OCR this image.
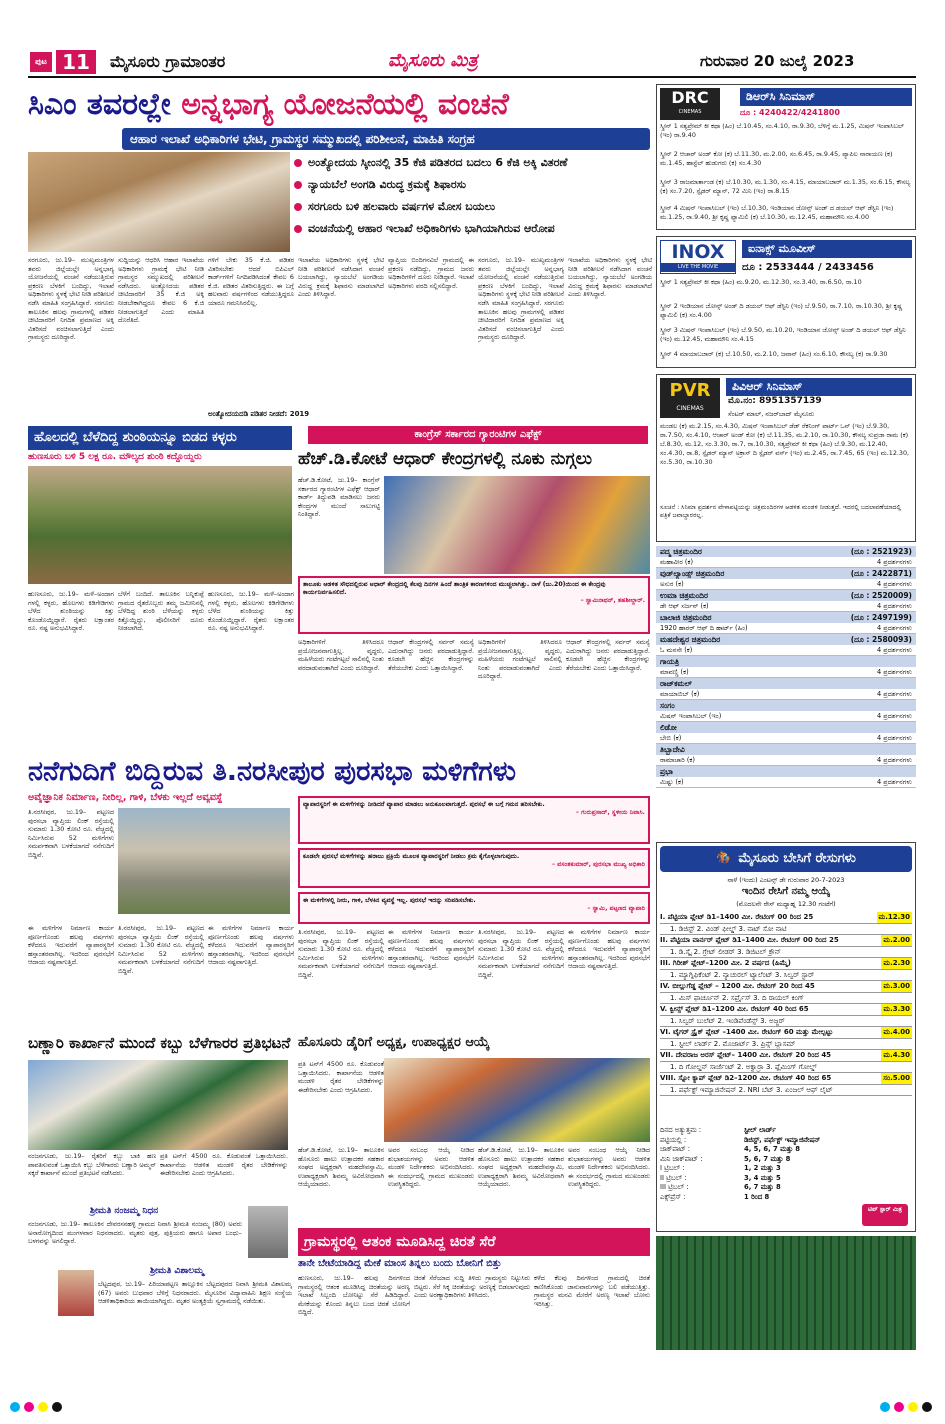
ಪುಟ 11	ಮೈಸೂರು ಗ್ರಾಮಾಂತರ	ಮೈಸೂರು ಮಿತ್ರ	ಗುರುವಾರ 20 ಜುಲೈ 2023
ಸಿಎಂ ತವರಲ್ಲೇ ಅನ್ನಭಾಗ್ಯ ಯೋಜನೆಯಲ್ಲಿ ವಂಚನೆ
ಆಹಾರ ಇಲಾಖೆ ಅಧಿಕಾರಿಗಳ ಭೇಟಿ, ಗ್ರಾಮಸ್ಥರ ಸಮ್ಮುಖದಲ್ಲಿ ಪರಿಶೀಲನೆ, ಮಾಹಿತಿ ಸಂಗ್ರಹ
ಅಂತ್ಯೋದಯ ಸ್ಕೀಂನಲ್ಲಿ 35 ಕೆಜಿ ಪಡಿತರದ ಬದಲು 6 ಕೆಜಿ ಅಕ್ಕಿ ವಿತರಣೆ
ನ್ಯಾಯಬೆಲೆ ಅಂಗಡಿ ವಿರುದ್ಧ ಕ್ರಮಕ್ಕೆ ಶಿಫಾರಸು
ಸರಗೂರು ಬಳಿ ಹಲವಾರು ವರ್ಷಗಳ ಮೋಸ ಬಯಲು
ವಂಚನೆಯಲ್ಲಿ ಆಹಾರ ಇಲಾಖೆ ಅಧಿಕಾರಿಗಳು ಭಾಗಿಯಾಗಿರುವ ಆರೋಪ
ಸರಗೂರು, ಜು.19– ಮುಖ್ಯಮಂತ್ರಿಗಳ ತವರು ಜಿಲ್ಲೆಯಲ್ಲೇ ಅನ್ನಭಾಗ್ಯ ಯೋಜನೆಯಲ್ಲಿ ವಂಚನೆ ನಡೆಯುತ್ತಿರುವ ಪ್ರಕರಣ ಬೆಳಕಿಗೆ ಬಂದಿದ್ದು, ಇಲಾಖೆ ಅಧಿಕಾರಿಗಳು ಸ್ಥಳಕ್ಕೆ ಭೇಟಿ ನೀಡಿ ಪರಿಶೀಲನೆ ನಡೆಸಿ ಮಾಹಿತಿ ಸಂಗ್ರಹಿಸಿದ್ದಾರೆ. ಸರಗೂರು ತಾಲೂಕಿನ ಹಲವು ಗ್ರಾಮಗಳಲ್ಲಿ ಪಡಿತರ ಚೀಟಿದಾರರಿಗೆ ನಿಗದಿತ ಪ್ರಮಾಣದ ಅಕ್ಕಿ ವಿತರಿಸದೆ ವಂಚಿಸಲಾಗುತ್ತಿದೆ ಎಂದು ಗ್ರಾಮಸ್ಥರು ದೂರಿದ್ದಾರೆ.
ಸುದ್ದಿಯನ್ನು ಆಧರಿಸಿ ಆಹಾರ ಇಲಾಖೆಯ ಅಧಿಕಾರಿಗಳು ಗ್ರಾಮಕ್ಕೆ ಭೇಟಿ ನೀಡಿ ಗ್ರಾಮಸ್ಥರ ಸಮ್ಮುಖದಲ್ಲಿ ಪರಿಶೀಲನೆ ನಡೆಸಿದರು. ಅಂತ್ಯೋದಯ ಪಡಿತರ ಚೀಟಿದಾರರಿಗೆ 35 ಕೆ.ಜಿ ಅಕ್ಕಿ ನೀಡಬೇಕಾಗಿದ್ದರೂ ಕೇವಲ 6 ಕೆ.ಜಿ ನೀಡಲಾಗುತ್ತಿದೆ ಎಂದು ಮಾಹಿತಿ ದೊರೆತಿದೆ.
ಗಳಿಗೆ ಬೇಕು 35 ಕೆ.ಜಿ. ಪಡಿತರ ವಿತರಿಸಬೇಕು ಆದರೆ ಬಿಪಿಎಲ್ ಕಾರ್ಡ್‌ಗಳಿಗೆ ನಿಗದಿಪಡಿಸಿದಂತೆ ಕೇವಲ 6 ಕೆ.ಜಿ. ಪಡಿತರ ವಿತರಿಸುತ್ತಿದ್ದರು. ಈ ಬಗ್ಗೆ ಹಲವಾರು ವರ್ಷಗಳಿಂದ ನಡೆಯುತ್ತಿದ್ದರೂ ಯಾರೂ ಗಮನಿಸಿರಲಿಲ್ಲ.
ಇಲಾಖೆಯ ಅಧಿಕಾರಿಗಳು ಸ್ಥಳಕ್ಕೆ ಭೇಟಿ ನೀಡಿ ಪರಿಶೀಲನೆ ನಡೆಸಿದಾಗ ವಂಚನೆ ಬಯಲಾಗಿದ್ದು, ನ್ಯಾಯಬೆಲೆ ಅಂಗಡಿಯ ವಿರುದ್ಧ ಕ್ರಮಕ್ಕೆ ಶಿಫಾರಸು ಮಾಡಲಾಗಿದೆ ಎಂದು ತಿಳಿಸಿದ್ದಾರೆ.
ವ್ಯಾಪ್ತಿಯ ಬಿಂದಿಗನವಿಲೆ ಗ್ರಾಮದಲ್ಲಿ ಈ ಪ್ರಕರಣ ನಡೆದಿದ್ದು, ಗ್ರಾಮದ ಜನರು ಅಧಿಕಾರಿಗಳಿಗೆ ದೂರು ನೀಡಿದ್ದಾರೆ. ಇಲಾಖೆ ಅಧಿಕಾರಿಗಳು ವರದಿ ಸಲ್ಲಿಸಲಿದ್ದಾರೆ.
ಸರಗೂರು, ಜು.19– ಮುಖ್ಯಮಂತ್ರಿಗಳ ತವರು ಜಿಲ್ಲೆಯಲ್ಲೇ ಅನ್ನಭಾಗ್ಯ ಯೋಜನೆಯಲ್ಲಿ ವಂಚನೆ ನಡೆಯುತ್ತಿರುವ ಪ್ರಕರಣ ಬೆಳಕಿಗೆ ಬಂದಿದ್ದು, ಇಲಾಖೆ ಅಧಿಕಾರಿಗಳು ಸ್ಥಳಕ್ಕೆ ಭೇಟಿ ನೀಡಿ ಪರಿಶೀಲನೆ ನಡೆಸಿ ಮಾಹಿತಿ ಸಂಗ್ರಹಿಸಿದ್ದಾರೆ. ಸರಗೂರು ತಾಲೂಕಿನ ಹಲವು ಗ್ರಾಮಗಳಲ್ಲಿ ಪಡಿತರ ಚೀಟಿದಾರರಿಗೆ ನಿಗದಿತ ಪ್ರಮಾಣದ ಅಕ್ಕಿ ವಿತರಿಸದೆ ವಂಚಿಸಲಾಗುತ್ತಿದೆ ಎಂದು ಗ್ರಾಮಸ್ಥರು ದೂರಿದ್ದಾರೆ.
ಇಲಾಖೆಯ ಅಧಿಕಾರಿಗಳು ಸ್ಥಳಕ್ಕೆ ಭೇಟಿ ನೀಡಿ ಪರಿಶೀಲನೆ ನಡೆಸಿದಾಗ ವಂಚನೆ ಬಯಲಾಗಿದ್ದು, ನ್ಯಾಯಬೆಲೆ ಅಂಗಡಿಯ ವಿರುದ್ಧ ಕ್ರಮಕ್ಕೆ ಶಿಫಾರಸು ಮಾಡಲಾಗಿದೆ ಎಂದು ತಿಳಿಸಿದ್ದಾರೆ.
ಅಂತ್ಯೋದಯದಡಿ ಪಡಿತರ ನೀಡದೆ: 2019
ಹೊಲದಲ್ಲಿ ಬೆಳೆದಿದ್ದ ಶುಂಠಿಯನ್ನೂ ಬಿಡದ ಕಳ್ಳರು
ಹುಣಸೂರು ಬಳಿ 5 ಲಕ್ಷ ರೂ. ಮೌಲ್ಯದ ಶುಂಠಿ ಕದ್ದೊಯ್ದರು
ಹುಣಸೂರು, ಜು.19– ಮಳೆ–ಅಂದಾಗ ಗಳಲ್ಲಿ ಕಳ್ಳರು, ಹೊಲಗಳು ಕಿಡಿಗೇಡಿಗಳು ಬೆಳೆದ ಶುಂಠಿಯನ್ನು ಕಿತ್ತು ಕೊಂಡೊಯ್ದಿದ್ದಾರೆ. ರೈತರು ಲಕ್ಷಾಂತರ ರೂ. ನಷ್ಟ ಅನುಭವಿಸಿದ್ದಾರೆ.
ಬೆಳೆಗೆ ಬಂದಿದೆ. ತಾಲೂಕಿನ ಬನ್ನಿಕುಪ್ಪೆ ಗ್ರಾಮದ ರೈತರೊಬ್ಬರು ತಮ್ಮ ಜಮೀನಿನಲ್ಲಿ ಬೆಳೆದಿದ್ದ ಶುಂಠಿ ಬೆಳೆಯನ್ನು ಕಳ್ಳರು ಕಿತ್ತೊಯ್ದಿದ್ದು, ಪೊಲೀಸರಿಗೆ ದೂರು ನೀಡಲಾಗಿದೆ.
ಹುಣಸೂರು, ಜು.19– ಮಳೆ–ಅಂದಾಗ ಗಳಲ್ಲಿ ಕಳ್ಳರು, ಹೊಲಗಳು ಕಿಡಿಗೇಡಿಗಳು ಬೆಳೆದ ಶುಂಠಿಯನ್ನು ಕಿತ್ತು ಕೊಂಡೊಯ್ದಿದ್ದಾರೆ. ರೈತರು ಲಕ್ಷಾಂತರ ರೂ. ನಷ್ಟ ಅನುಭವಿಸಿದ್ದಾರೆ.
ಕಾಂಗ್ರೆಸ್ ಸರ್ಕಾರದ ಗ್ಯಾರಂಟಿಗಳ ಎಫೆಕ್ಟ್
ಹೆಚ್.ಡಿ.ಕೋಟೆ ಆಧಾರ್ ಕೇಂದ್ರಗಳಲ್ಲಿ ನೂಕು ನುಗ್ಗಲು
ಹೆಚ್.ಡಿ.ಕೋಟೆ, ಜು.19– ಕಾಂಗ್ರೆಸ್ ಸರ್ಕಾರದ ಗ್ಯಾರಂಟಿಗಳ ಎಫೆಕ್ಟ್ ಆಧಾರ್ ಕಾರ್ಡ್ ತಿದ್ದುಪಡಿ ಮಾಡಿಸಲು ಜನರು ಕೇಂದ್ರಗಳ ಮುಂದೆ ಸಾಲುಗಟ್ಟಿ ನಿಂತಿದ್ದಾರೆ.
ತಾಲೂಕು ಆಡಳಿತ ಸೌಧದಲ್ಲಿರುವ ಆಧಾರ್ ಕೇಂದ್ರದಲ್ಲಿ ಕೆಲವು ದಿನಗಳ ಹಿಂದೆ ತಾಂತ್ರಿಕ ಕಾರಣಗಳಿಂದ ಮುಚ್ಚಲಾಗಿತ್ತು. ನಾಳೆ (ಜು.20)ಯಿಂದ ಈ ಕೇಂದ್ರವು ಕಾರ್ಯನಿರ್ವಹಿಸಲಿದೆ.
– ಸ್ವಾಮಿನಾಥನ್, ತಹಶೀಲ್ದಾರ್.
ಅಧಿಕಾರಿಗಳಿಗೆ ತಿಳಿಸಿದರೂ ಪ್ರಯೋಜನವಾಗುತ್ತಿಲ್ಲ. ವೃದ್ಧರು, ಮಹಿಳೆಯರು ಗಂಟೆಗಟ್ಟಲೆ ಸಾಲಿನಲ್ಲಿ ನಿಂತು ಪರದಾಡುವಂತಾಗಿದೆ ಎಂದು ದೂರಿದ್ದಾರೆ.
ಆಧಾರ್ ಕೇಂದ್ರಗಳಲ್ಲಿ ಸರ್ವರ್ ಸಮಸ್ಯೆ ಎದುರಾಗಿದ್ದು ಜನರು ಪರದಾಡುತ್ತಿದ್ದಾರೆ. ಕೂಡಲೇ ಹೆಚ್ಚಿನ ಕೇಂದ್ರಗಳನ್ನು ತೆರೆಯಬೇಕು ಎಂದು ಒತ್ತಾಯಿಸಿದ್ದಾರೆ.
ಅಧಿಕಾರಿಗಳಿಗೆ ತಿಳಿಸಿದರೂ ಪ್ರಯೋಜನವಾಗುತ್ತಿಲ್ಲ. ವೃದ್ಧರು, ಮಹಿಳೆಯರು ಗಂಟೆಗಟ್ಟಲೆ ಸಾಲಿನಲ್ಲಿ ನಿಂತು ಪರದಾಡುವಂತಾಗಿದೆ ಎಂದು ದೂರಿದ್ದಾರೆ.
ಆಧಾರ್ ಕೇಂದ್ರಗಳಲ್ಲಿ ಸರ್ವರ್ ಸಮಸ್ಯೆ ಎದುರಾಗಿದ್ದು ಜನರು ಪರದಾಡುತ್ತಿದ್ದಾರೆ. ಕೂಡಲೇ ಹೆಚ್ಚಿನ ಕೇಂದ್ರಗಳನ್ನು ತೆರೆಯಬೇಕು ಎಂದು ಒತ್ತಾಯಿಸಿದ್ದಾರೆ.
ನನೆಗುದಿಗೆ ಬಿದ್ದಿರುವ ತಿ.ನರಸೀಪುರ ಪುರಸಭಾ ಮಳಿಗೆಗಳು
ಅವೈಜ್ಞಾನಿಕ ನಿರ್ಮಾಣ, ನೀರಿಲ್ಲ, ಗಾಳಿ, ಬೆಳಕು ಇಲ್ಲದೆ ಅವ್ಯವಸ್ಥೆ
ತಿ.ನರಸೀಪುರ, ಜು.19– ಪಟ್ಟಣದ ಪುರಸಭಾ ವ್ಯಾಪ್ತಿಯ ಲಿಂಕ್ ರಸ್ತೆಯಲ್ಲಿ ಸುಮಾರು 1.30 ಕೋಟಿ ರೂ. ವೆಚ್ಚದಲ್ಲಿ ನಿರ್ಮಿಸಿರುವ 52 ಮಳಿಗೆಗಳು ಸಮರ್ಪಕವಾಗಿ ಬಳಕೆಯಾಗದೆ ನನೆಗುದಿಗೆ ಬಿದ್ದಿವೆ.
ವ್ಯಾಪಾರಸ್ಥರಿಗೆ ಈ ಮಳಿಗೆಗಳನ್ನು ನೀಡಿದರೆ ವ್ಯಾಪಾರ ಮಾಡಲು ಅನುಕೂಲವಾಗುತ್ತದೆ. ಪುರಸಭೆ ಈ ಬಗ್ಗೆ ಗಮನ ಹರಿಸಬೇಕು.
– ಗುರುಪ್ರಸಾದ್, ಸ್ಥಳೀಯ ನಿವಾಸಿ.
ಕೂಡಲೇ ಪುರಸಭೆ ಮಳಿಗೆಗಳನ್ನು ಹರಾಜು ಪ್ರಕ್ರಿಯೆ ಮೂಲಕ ವ್ಯಾಪಾರಸ್ಥರಿಗೆ ನೀಡಲು ಕ್ರಮ ಕೈಗೊಳ್ಳಲಾಗುವುದು.
– ವಸಂತಕುಮಾರ್, ಪುರಸಭಾ ಮುಖ್ಯ ಅಧಿಕಾರಿ
ಈ ಮಳಿಗೆಗಳಲ್ಲಿ ನೀರು, ಗಾಳಿ, ಬೆಳಕಿನ ವ್ಯವಸ್ಥೆ ಇಲ್ಲ. ಪುರಸಭೆ ಇದನ್ನು ಸರಿಪಡಿಸಬೇಕು.
– ಸ್ವಾಮಿ, ಪಟ್ಟಣದ ವ್ಯಾಪಾರಿ
ಈ ಮಳಿಗೆಗಳ ನಿರ್ಮಾಣ ಕಾರ್ಯ ಪೂರ್ಣಗೊಂಡು ಹಲವು ವರ್ಷಗಳು ಕಳೆದರೂ ಇದುವರೆಗೆ ವ್ಯಾಪಾರಸ್ಥರಿಗೆ ಹಸ್ತಾಂತರವಾಗಿಲ್ಲ. ಇದರಿಂದ ಪುರಸಭೆಗೆ ಆದಾಯ ನಷ್ಟವಾಗುತ್ತಿದೆ.
ತಿ.ನರಸೀಪುರ, ಜು.19– ಪಟ್ಟಣದ ಪುರಸಭಾ ವ್ಯಾಪ್ತಿಯ ಲಿಂಕ್ ರಸ್ತೆಯಲ್ಲಿ ಸುಮಾರು 1.30 ಕೋಟಿ ರೂ. ವೆಚ್ಚದಲ್ಲಿ ನಿರ್ಮಿಸಿರುವ 52 ಮಳಿಗೆಗಳು ಸಮರ್ಪಕವಾಗಿ ಬಳಕೆಯಾಗದೆ ನನೆಗುದಿಗೆ ಬಿದ್ದಿವೆ.
ಈ ಮಳಿಗೆಗಳ ನಿರ್ಮಾಣ ಕಾರ್ಯ ಪೂರ್ಣಗೊಂಡು ಹಲವು ವರ್ಷಗಳು ಕಳೆದರೂ ಇದುವರೆಗೆ ವ್ಯಾಪಾರಸ್ಥರಿಗೆ ಹಸ್ತಾಂತರವಾಗಿಲ್ಲ. ಇದರಿಂದ ಪುರಸಭೆಗೆ ಆದಾಯ ನಷ್ಟವಾಗುತ್ತಿದೆ.
ತಿ.ನರಸೀಪುರ, ಜು.19– ಪಟ್ಟಣದ ಪುರಸಭಾ ವ್ಯಾಪ್ತಿಯ ಲಿಂಕ್ ರಸ್ತೆಯಲ್ಲಿ ಸುಮಾರು 1.30 ಕೋಟಿ ರೂ. ವೆಚ್ಚದಲ್ಲಿ ನಿರ್ಮಿಸಿರುವ 52 ಮಳಿಗೆಗಳು ಸಮರ್ಪಕವಾಗಿ ಬಳಕೆಯಾಗದೆ ನನೆಗುದಿಗೆ ಬಿದ್ದಿವೆ.
ಈ ಮಳಿಗೆಗಳ ನಿರ್ಮಾಣ ಕಾರ್ಯ ಪೂರ್ಣಗೊಂಡು ಹಲವು ವರ್ಷಗಳು ಕಳೆದರೂ ಇದುವರೆಗೆ ವ್ಯಾಪಾರಸ್ಥರಿಗೆ ಹಸ್ತಾಂತರವಾಗಿಲ್ಲ. ಇದರಿಂದ ಪುರಸಭೆಗೆ ಆದಾಯ ನಷ್ಟವಾಗುತ್ತಿದೆ.
ತಿ.ನರಸೀಪುರ, ಜು.19– ಪಟ್ಟಣದ ಪುರಸಭಾ ವ್ಯಾಪ್ತಿಯ ಲಿಂಕ್ ರಸ್ತೆಯಲ್ಲಿ ಸುಮಾರು 1.30 ಕೋಟಿ ರೂ. ವೆಚ್ಚದಲ್ಲಿ ನಿರ್ಮಿಸಿರುವ 52 ಮಳಿಗೆಗಳು ಸಮರ್ಪಕವಾಗಿ ಬಳಕೆಯಾಗದೆ ನನೆಗುದಿಗೆ ಬಿದ್ದಿವೆ.
ಈ ಮಳಿಗೆಗಳ ನಿರ್ಮಾಣ ಕಾರ್ಯ ಪೂರ್ಣಗೊಂಡು ಹಲವು ವರ್ಷಗಳು ಕಳೆದರೂ ಇದುವರೆಗೆ ವ್ಯಾಪಾರಸ್ಥರಿಗೆ ಹಸ್ತಾಂತರವಾಗಿಲ್ಲ. ಇದರಿಂದ ಪುರಸಭೆಗೆ ಆದಾಯ ನಷ್ಟವಾಗುತ್ತಿದೆ.
ಬಣ್ಣಾರಿ ಕಾರ್ಖಾನೆ ಮುಂದೆ ಕಬ್ಬು ಬೆಳೆಗಾರರ ಪ್ರತಿಭಟನೆ
ನಂಜನಗೂಡು, ಜು.19– ರೈತರಿಗೆ ಕಬ್ಬು ಬಾಕಿ ಹಣ ಪಾವತಿಸುವಂತೆ ಒತ್ತಾಯಿಸಿ ಕಬ್ಬು ಬೆಳೆಗಾರರು ಬಣ್ಣಾರಿ ಅಮ್ಮನ್ ಸಕ್ಕರೆ ಕಾರ್ಖಾನೆ ಮುಂದೆ ಪ್ರತಿಭಟನೆ ನಡೆಸಿದರು.
ಪ್ರತಿ ಟನ್‌ಗೆ 4500 ರೂ. ಕೊಡುವಂತೆ ಒತ್ತಾಯಿಸಿದರು. ಕಾರ್ಖಾನೆಯ ಆಡಳಿತ ಮಂಡಳಿ ರೈತರ ಬೇಡಿಕೆಗಳನ್ನು ಈಡೇರಿಸಬೇಕು ಎಂದು ಆಗ್ರಹಿಸಿದರು.
ಪ್ರತಿ ಟನ್‌ಗೆ 4500 ರೂ. ಕೊಡುವಂತೆ ಒತ್ತಾಯಿಸಿದರು. ಕಾರ್ಖಾನೆಯ ಆಡಳಿತ ಮಂಡಳಿ ರೈತರ ಬೇಡಿಕೆಗಳನ್ನು ಈಡೇರಿಸಬೇಕು ಎಂದು ಆಗ್ರಹಿಸಿದರು.
ಶ್ರೀಮತಿ ನಂಜಮ್ಮ ನಿಧನ
ನಂಜನಗೂಡು, ಜು.19– ತಾಲೂಕಿನ ದೇವರಸನಹಳ್ಳಿ ಗ್ರಾಮದ ನಿವಾಸಿ ಶ್ರೀಮತಿ ನಂಜಮ್ಮ (80) ಅವರು ಅನಾರೋಗ್ಯದಿಂದ ಮಂಗಳವಾರ ನಿಧನರಾದರು. ಮೃತರು ಪುತ್ರ, ಪುತ್ರಿಯರು ಹಾಗೂ ಅಪಾರ ಬಂಧು–ಬಳಗವನ್ನು ಅಗಲಿದ್ದಾರೆ.
ಶ್ರೀಮತಿ ವಿಶಾಲಮ್ಮ
ಬೆಟ್ಟದಪುರ, ಜು.19– ಪಿರಿಯಾಪಟ್ಟಣ ತಾಲ್ಲೂಕಿನ ಬೆಟ್ಟದಪುರದ ನಿವಾಸಿ ಶ್ರೀಮತಿ ವಿಶಾಲಮ್ಮ (67) ಅವರು ಬುಧವಾರ ಬೆಳಿಗ್ಗೆ ನಿಧನರಾದರು. ಮೈಸೂರಿನ ವಿದ್ಯಾವಾಹಿನಿ ಶಿಕ್ಷಣ ಸಂಸ್ಥೆಯ ಆಡಳಿತಾಧಿಕಾರಿಯ ತಾಯಿಯಾಗಿದ್ದರು. ಮೃತರ ಅಂತ್ಯಕ್ರಿಯೆ ಸ್ವಗ್ರಾಮದಲ್ಲಿ ನಡೆಯಿತು.
ಹೊಸೂರು ಡೈರಿಗೆ ಅಧ್ಯಕ್ಷ, ಉಪಾಧ್ಯಕ್ಷರ ಆಯ್ಕೆ
ಹೆಚ್.ಡಿ.ಕೋಟೆ, ಜು.19– ತಾಲೂಕಿನ ಹೊಸೂರು ಹಾಲು ಉತ್ಪಾದಕರ ಸಹಕಾರ ಸಂಘದ ಅಧ್ಯಕ್ಷರಾಗಿ ಮಹದೇವಸ್ವಾಮಿ, ಉಪಾಧ್ಯಕ್ಷರಾಗಿ ಶಿವಮ್ಮ ಅವಿರೋಧವಾಗಿ ಆಯ್ಕೆಯಾದರು.
ಅವರ ಸಂಬಂಧ ಆಯ್ಕೆ ನೀಡಿದ ಶುಭಾಶಯಗಳನ್ನು ಅವರು ಆಡಳಿತ ಮಂಡಳಿ ನಿರ್ದೇಶಕರು ಅಭಿನಂದಿಸಿದರು. ಈ ಸಂದರ್ಭದಲ್ಲಿ ಗ್ರಾಮದ ಮುಖಂಡರು ಉಪಸ್ಥಿತರಿದ್ದರು.
ಹೆಚ್.ಡಿ.ಕೋಟೆ, ಜು.19– ತಾಲೂಕಿನ ಹೊಸೂರು ಹಾಲು ಉತ್ಪಾದಕರ ಸಹಕಾರ ಸಂಘದ ಅಧ್ಯಕ್ಷರಾಗಿ ಮಹದೇವಸ್ವಾಮಿ, ಉಪಾಧ್ಯಕ್ಷರಾಗಿ ಶಿವಮ್ಮ ಅವಿರೋಧವಾಗಿ ಆಯ್ಕೆಯಾದರು.
ಅವರ ಸಂಬಂಧ ಆಯ್ಕೆ ನೀಡಿದ ಶುಭಾಶಯಗಳನ್ನು ಅವರು ಆಡಳಿತ ಮಂಡಳಿ ನಿರ್ದೇಶಕರು ಅಭಿನಂದಿಸಿದರು. ಈ ಸಂದರ್ಭದಲ್ಲಿ ಗ್ರಾಮದ ಮುಖಂಡರು ಉಪಸ್ಥಿತರಿದ್ದರು.
ಗ್ರಾಮಸ್ಥರಲ್ಲಿ ಆತಂಕ ಮೂಡಿಸಿದ್ದ ಚಿರತೆ ಸೆರೆ
ತಾನೇ ಬೇಟೆಯಾಡಿದ್ದ ಮೇಕೆ ಮಾಂಸ ತಿನ್ನಲು ಬಂದು ಬೋನಿಗೆ ಬಿತ್ತು
ಹುಣಸೂರು, ಜು.19– ಹಲವು ದಿನಗಳಿಂದ ಗ್ರಾಮಸ್ಥರಲ್ಲಿ ಆತಂಕ ಮೂಡಿಸಿದ್ದ ಚಿರತೆಯನ್ನು ಅರಣ್ಯ ಇಲಾಖೆ ಸಿಬ್ಬಂದಿ ಬೋನಿಟ್ಟು ಸೆರೆ ಹಿಡಿದಿದ್ದಾರೆ. ಮೇಕೆಯನ್ನು ಕೊಂದು ತಿನ್ನಲು ಬಂದ ಚಿರತೆ ಬೋನಿಗೆ ಬಿದ್ದಿದೆ.
ಚಿರತೆ ಸೆರೆಯಾದ ಸುದ್ದಿ ತಿಳಿದು ಗ್ರಾಮಸ್ಥರು ನಿಟ್ಟುಸಿರು ಬಿಟ್ಟರು. ಸೆರೆ ಸಿಕ್ಕ ಚಿರತೆಯನ್ನು ಅರಣ್ಯಕ್ಕೆ ಬಿಡಲಾಗುವುದು ಎಂದು ಅರಣ್ಯಾಧಿಕಾರಿಗಳು ತಿಳಿಸಿದರು.
ಕಳೆದ ಕೆಲವು ದಿನಗಳಿಂದ ಗ್ರಾಮದಲ್ಲಿ ಚಿರತೆ ಕಾಣಿಸಿಕೊಂಡು ಜಾನುವಾರುಗಳನ್ನು ಬಲಿ ಪಡೆಯುತ್ತಿತ್ತು. ಗ್ರಾಮಸ್ಥರ ಮನವಿ ಮೇರೆಗೆ ಅರಣ್ಯ ಇಲಾಖೆ ಬೋನು ಇರಿಸಿತ್ತು.
DRC
CINEMAS
ಡಿಆರ್‌ಸಿ ಸಿನಿಮಾಸ್
ದೂ : 4240422/4241800
ಸ್ಕ್ರೀನ್ 1 ಸತ್ಯಪ್ರೇಮ್ ಕೀ ಕಥಾ (ಹಿಂ) ಬೆ.10.45, ಸಂ.4.10, ರಾ.9.30, ಬೆಳಿಗ್ಗೆ ಮ.1.25, ಮಿಷನ್ ಇಂಪಾಸಿಬಲ್ (ಇಂ) ರಾ.9.40
ಸ್ಕ್ರೀನ್ 2 ಆಚಾರ್ ಅಂಡ್ ಕೋ (ಕ) ಬೆ.11.30, ಮ.2.00, ಸಂ.6.45, ರಾ.9.45, ಪ್ಯಾಪಿಲ ನಾರಾಯಣ (ಕ) ಮ.1.45, ಹಾಸ್ಟೆಲ್ ಹುಡುಗರು (ಕ) ಸಂ.4.30
ಸ್ಕ್ರೀನ್ 3 ರಾಜಮಾರ್ತಾಂಡ (ಕ) ಬೆ.10.30, ಮ.1.30, ಸಂ.4.15, ಮಾಯಾಬಜಾರ್ ಮ.1.35, ಸಂ.6.15, ಕೌಸಲ್ಯ (ಕ) ಸಂ.7.20, ಸ್ಪೈಡರ್ ಮ್ಯಾನ್, 72 ಮಿನಿ (ಇಂ) ರಾ.8.15
ಸ್ಕ್ರೀನ್ 4 ಮಿಷನ್ ಇಂಪಾಸಿಬಲ್ (ಇಂ) ಬೆ.10.30, ಇಂಡಿಯಾನ ಜೋನ್ಸ್ ಅಂಡ್ ದ ಡಯಲ್ ಆಫ್ ಡೆಸ್ಟಿನಿ (ಇಂ) ಮ.1.25, ರಾ.9.40, ಶ್ರೀ ಕೃಷ್ಣ ಫ್ಯಾಮಿಲಿ (ಕ) ಬೆ.10.30, ಮ.12.45, ಮಹಾಮೌನಿ ಸಂ.4.00
INOX
LIVE THE MOVIE
ಐನಾಕ್ಸ್ ಮೂವೀಸ್
ದೂ : 2533444 / 2433456
ಸ್ಕ್ರೀನ್ 1 ಸತ್ಯಪ್ರೇಮ್ ಕೀ ಕಥಾ (ಹಿಂ) ಮ.9.20, ಮ.12.30, ಸಂ.3.40, ರಾ.6.50, ರಾ.10
ಸ್ಕ್ರೀನ್ 2 ಇಂಡಿಯಾನ ಜೋನ್ಸ್ ಅಂಡ್ ದಿ ಡಯಲ್ ಆಫ್ ಡೆಸ್ಟಿನಿ (ಇಂ) ಬೆ.9.50, ರಾ.7.10, ರಾ.10.30, ಶ್ರೀ ಕೃಷ್ಣ ಫ್ಯಾಮಿಲಿ (ಕ) ಸಂ.4.00
ಸ್ಕ್ರೀನ್ 3 ಮಿಷನ್ ಇಂಪಾಸಿಬಲ್ (ಇಂ) ಬೆ.9.50, ಮ.10.20, ಇಂಡಿಯಾನ ಜೋನ್ಸ್ ಅಂಡ್ ದಿ ಡಯಲ್ ಆಫ್ ಡೆಸ್ಟಿನಿ (ಇಂ) ಮ.12.45, ಮಹಾಮೌನಿ ಸಂ.4.15
ಸ್ಕ್ರೀನ್ 4 ಮಾಯಾಬಜಾರ್ (ಕ) ಬೆ.10.50, ಮ.2.10, ಜವಾನ್ (ಹಿಂ) ಸಂ.6.10, ಕೌಸಲ್ಯ (ಕ) ರಾ.9.30
PVR
CINEMAS
ಪಿವಿಆರ್ ಸಿನಿಮಾಸ್
ಮೊ.ನಂ: 8951357139
ಸೆಂಟರ್ ಮಾಲ್, ನಜರ್‌ಬಾದ್ ಮೈಸೂರು
ಮಂಡಲ (ಕ) ಮ.2.15, ಸಂ.4.30, ಮಿಷನ್ ಇಂಪಾಸಿಬಲ್ ಡೆಡ್ ರೆಕನಿಂಗ್ ಪಾರ್ಟ್ ಒನ್ (ಇಂ) ಬೆ.9.30, ರಾ.7.50, ಸಂ.4.10, ಆಚಾರ್ ಅಂಡ್ ಕೋ (ಕ) ಬೆ.11.35, ಮ.2.10, ರಾ.10.30, ಕೌಸಲ್ಯ ಸುಪ್ರಜಾ ರಾಮ (ಕ) ಬೆ.8.30, ಮ.12, ಸಂ.3.30, ರಾ.7, ರಾ.10.30, ಸತ್ಯಪ್ರೇಮ್ ಕೀ ಕಥಾ (ಹಿಂ) ಬೆ.9.30, ಮ.12.40, ಸಂ.4.30, ರಾ.8, ಸ್ಪೈಡರ್ ಮ್ಯಾನ್ ಅಕ್ರಾಸ್ ದಿ ಸ್ಪೈಡರ್ ವರ್ಸ್ (ಇಂ) ಮ.2.45, ರಾ.7.45, 65 (ಇಂ) ಮ.12.30, ಸಂ.5.30, ರಾ.10.30
ಸೂಚನೆ : ಸಿನಿಮಾ ಪ್ರದರ್ಶನ ವೇಳಾಪಟ್ಟಿಯನ್ನು ಚಿತ್ರಮಂದಿರಗಳ ಆಡಳಿತ ಮಂಡಳಿ ನೀಡುತ್ತದೆ. ಇದರಲ್ಲಿ ಬದಲಾವಣೆಯಾದಲ್ಲಿ ಪತ್ರಿಕೆ ಜವಾಬ್ದಾರರಲ್ಲ.
ಪದ್ಮ ಚಿತ್ರಮಂದಿರ	(ದೂ : 2521923)
ಮಹಾವೀರ (ಕ)	4 ಪ್ರದರ್ಶನಗಳು
ವುಡ್‌ಲ್ಯಾಂಡ್ಸ್ ಚಿತ್ರಮಂದಿರ	(ದೂ : 2422871)
ಅಸುರ (ಕ)	4 ಪ್ರದರ್ಶನಗಳು
ಉಮಾ ಚಿತ್ರಮಂದಿರ	(ದೂ : 2520009)
ಡೇ ಆಫ್ ಸರ್ಜನ್ (ಕ)	4 ಪ್ರದರ್ಶನಗಳು
ಬಾಲಾಜಿ ಚಿತ್ರಮಂದಿರ	(ದೂ : 2497199)
1920 ಹಾರರ್ ಆಫ್ ದಿ ಹಾರ್ಟ್ (ಹಿಂ)	4 ಪ್ರದರ್ಶನಗಳು
ಮಹದೇಶ್ವರ ಚಿತ್ರಮಂದಿರ	(ದೂ : 2580093)
ಓ ಮನಸೇ (ಕ)	4 ಪ್ರದರ್ಶನಗಳು
ಗಾಯತ್ರಿ
ಮಾವಣ್ಣಿ (ಕ)	4 ಪ್ರದರ್ಶನಗಳು
ರಾಜ್‌ಕಮಲ್
ಮಾಯಾಬಿಬ್ (ಕ)	4 ಪ್ರದರ್ಶನಗಳು
ಸಂಗಂ
ಮಿಷನ್ ಇಂಪಾಸಿಬಲ್ (ಇಂ)	4 ಪ್ರದರ್ಶನಗಳು
ಲಿಡೋ
ಬೇಬಿ (ಕ)	4 ಪ್ರದರ್ಶನಗಳು
ತಿಬ್ಬಾದೇವಿ
ರಾಮಾಚಾರಿ (ಕ)	4 ಪ್ರದರ್ಶನಗಳು
ಪ್ರಭಾ
ಮಿಷ್ಟು (ಕ)	4 ಪ್ರದರ್ಶನಗಳು
🏇 ಮೈಸೂರು ಬೇಸಿಗೆ ರೇಸುಗಳು
ನಾಳೆ (ಇಂದು) ಎಂಟನ್ಸ್ ಡೇ ಗುರುವಾರ 20-7-2023
ಇಂದಿನ ರೇಸಿಗೆ ನಮ್ಮ ಆಯ್ಕೆ
(ಮೊದಲನೇ ರೇಸ್ ಮಧ್ಯಾಹ್ನ 12.30 ಗಂಟೆಗೆ)
I. ಪೆಟ್ಟಿಯಾ ಪ್ಲೇಟ್ ಡಿ1–1400 ಮೀ. ರೇಟಿಂಗ್ 00 ರಿಂದ 25	ಮ.12.30
1. ಡಿಜಿಸ್ಟ್ 2. ವಿಂಡ್ ಫೀಲ್ಡ್ 3. ನಾಟ್ ಸೋ ನಾಟಿ
II. ಪೆಟ್ಟಿಯಾ ವಾರ್ನರ್ ಪ್ಲೇಟ್ ಡಿ1–1400 ಮೀ. ರೇಟಿಂಗ್ 00 ರಿಂದ 25	ಮ.2.00
1. ಡಿ.ಸ್ಕೈ 2. ಗ್ರೇಟ್ ಲೀಡರ್ 3. ಡಿಜಿಟಲ್ ಕ್ರೌನ್
III. ಗಿರೀಶ್ ಪ್ಲೇಟ್–1200 ಮೀ. 2 ವರ್ಷದ (ಹಿಮ್ಮೆ)	ಮ.2.30
1. ಮ್ಯಾಗ್ನಿಫಿಕೆಂಟ್ 2. ನ್ಯಾಚುರಲ್ ಟ್ಯಾಲೆಂಟ್ 3. ಸಿಲ್ವರ್ ಸ್ಟಾರ್
IV. ಬೀಲ್ಲುಗೆಡ್ಡ ಪ್ಲೇಟ್ – 1200 ಮೀ. ರೇಟಿಂಗ್ 20 ರಿಂದ 45	ಮ.3.00
1. ಮಿಸ್ ಫಾರ್ಚೂನ್ 2. ಸರ್ಪ್ರೈಸ್ 3. ದಿ ರಾಯಲ್ ಕಿಂಗ್
V. ಕ್ವೀನ್ಸ್ ಪ್ಲೇಟ್ ಡಿ1–1200 ಮೀ. ರೇಟಿಂಗ್ 40 ರಿಂದ 65	ಮ.3.30
1. ಸಿಲ್ವರ್ ಬುಲೆಟ್ 2. ಇಂಡಿಪೆಂಡೆನ್ಸ್ 3. ಅಜ್ಜರ್
VI. ಟೈಗರ್ ಸ್ಟ್ರೈಕ್ ಪ್ಲೇಟ್ –1400 ಮೀ. ರೇಟಿಂಗ್ 60 ಮತ್ತು ಮೇಲ್ಪಟ್ಟು	ಮ.4.00
1. ಸ್ಟೀಲ್ ಲಾರ್ಡ್ 2. ಮೊಜಾರ್ಟ್ 3. ಪ್ರಿನ್ಸ್ ಬ್ಲಾಸಮ್
VII. ದೇವರಾಜ ಅರಸ್ ಪ್ಲೇಟ್– 1400 ಮೀ. ರೇಟಿಂಗ್ 20 ರಿಂದ 45	ಮ.4.30
1. ದಿ ಗೋಲ್ಡನ್ ಸಾರ್ಜೆಂಟ್ 2. ಅಕ್ವಾರ್ರಾ 3. ಫ್ಲೆಮಿಂಗ್ ಗೋಲ್ಡ್
VIII. ಸ್ನೋ ಕ್ಯಾಪ್ ಪ್ಲೇಟ್ ಡಿ2–1200 ಮೀ. ರೇಟಿಂಗ್ 40 ರಿಂದ 65	ಸಂ.5.00
1. ಪರ್ಫೆಕ್ಟ್ ಇಮ್ಯಾಜಿನೇಷನ್ 2. NRI ಬೆಟ್ 3. ಏಂಜಲ್ ಆಫ್ ಲೈಟ್
ದಿನದ ಅತ್ಯುತ್ತಮ :	ಸ್ಟೀಲ್ ಲಾರ್ಡ್
ಪಟ್ಟಿಯಲ್ಲಿ :	ಡಿಜಿಸ್ಟ್, ಪರ್ಫೆಕ್ಟ್ ಇಮ್ಯಾಜಿನೇಷನ್
ಜಾಕ್‌ಪಾಟ್ :	4, 5, 6, 7 ಮತ್ತು 8
ಮಿನಿ ಜಾಕ್‌ಪಾಟ್ :	5, 6, 7 ಮತ್ತು 8
I ಟ್ರಿಬಲ್ :	1, 2 ಮತ್ತು 3
II ಟ್ರಿಬಲ್ :	3, 4 ಮತ್ತು 5
III ಟ್ರಿಬಲ್ :	6, 7 ಮತ್ತು 8
ಎಕ್ಸ್‌ಪ್ರೆಸ್ :	1 ರಿಂದ 8
ಟಿಪ್ ಸ್ಟಾರ್ ಮಿತ್ರ
